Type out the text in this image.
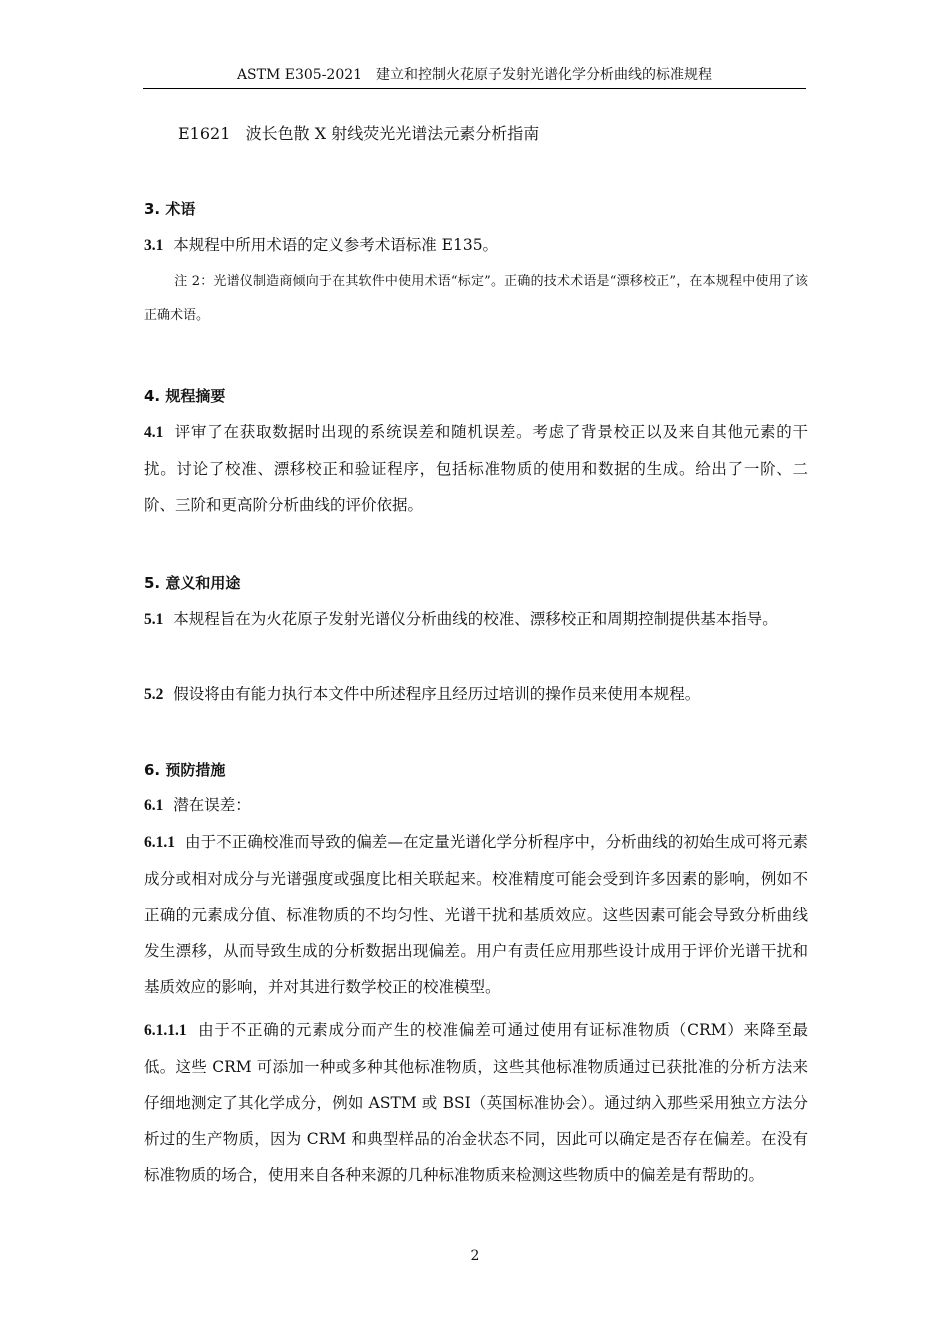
ASTM E305-2021　建立和控制火花原子发射光谱化学分析曲线的标准规程
E1621 波长色散 X 射线荧光光谱法元素分析指南
3. 术语
3.1 本规程中所用术语的定义参考术语标准 E135。
注 2：光谱仪制造商倾向于在其软件中使用术语“标定”。正确的技术术语是“漂移校正”，在本规程中使用了该正确术语。
4. 规程摘要
4.1 评审了在获取数据时出现的系统误差和随机误差。考虑了背景校正以及来自其他元素的干扰。讨论了校准、漂移校正和验证程序，包括标准物质的使用和数据的生成。给出了一阶、二阶、三阶和更高阶分析曲线的评价依据。
5. 意义和用途
5.1 本规程旨在为火花原子发射光谱仪分析曲线的校准、漂移校正和周期控制提供基本指导。
5.2 假设将由有能力执行本文件中所述程序且经历过培训的操作员来使用本规程。
6. 预防措施
6.1 潜在误差：
6.1.1 由于不正确校准而导致的偏差—在定量光谱化学分析程序中，分析曲线的初始生成可将元素成分或相对成分与光谱强度或强度比相关联起来。校准精度可能会受到许多因素的影响，例如不正确的元素成分值、标准物质的不均匀性、光谱干扰和基质效应。这些因素可能会导致分析曲线发生漂移，从而导致生成的分析数据出现偏差。用户有责任应用那些设计成用于评价光谱干扰和基质效应的影响，并对其进行数学校正的校准模型。
6.1.1.1 由于不正确的元素成分而产生的校准偏差可通过使用有证标准物质（CRM）来降至最低。这些 CRM 可添加一种或多种其他标准物质，这些其他标准物质通过已获批准的分析方法来仔细地测定了其化学成分，例如 ASTM 或 BSI（英国标准协会）。通过纳入那些采用独立方法分析过的生产物质，因为 CRM 和典型样品的冶金状态不同，因此可以确定是否存在偏差。在没有标准物质的场合，使用来自各种来源的几种标准物质来检测这些物质中的偏差是有帮助的。
2
